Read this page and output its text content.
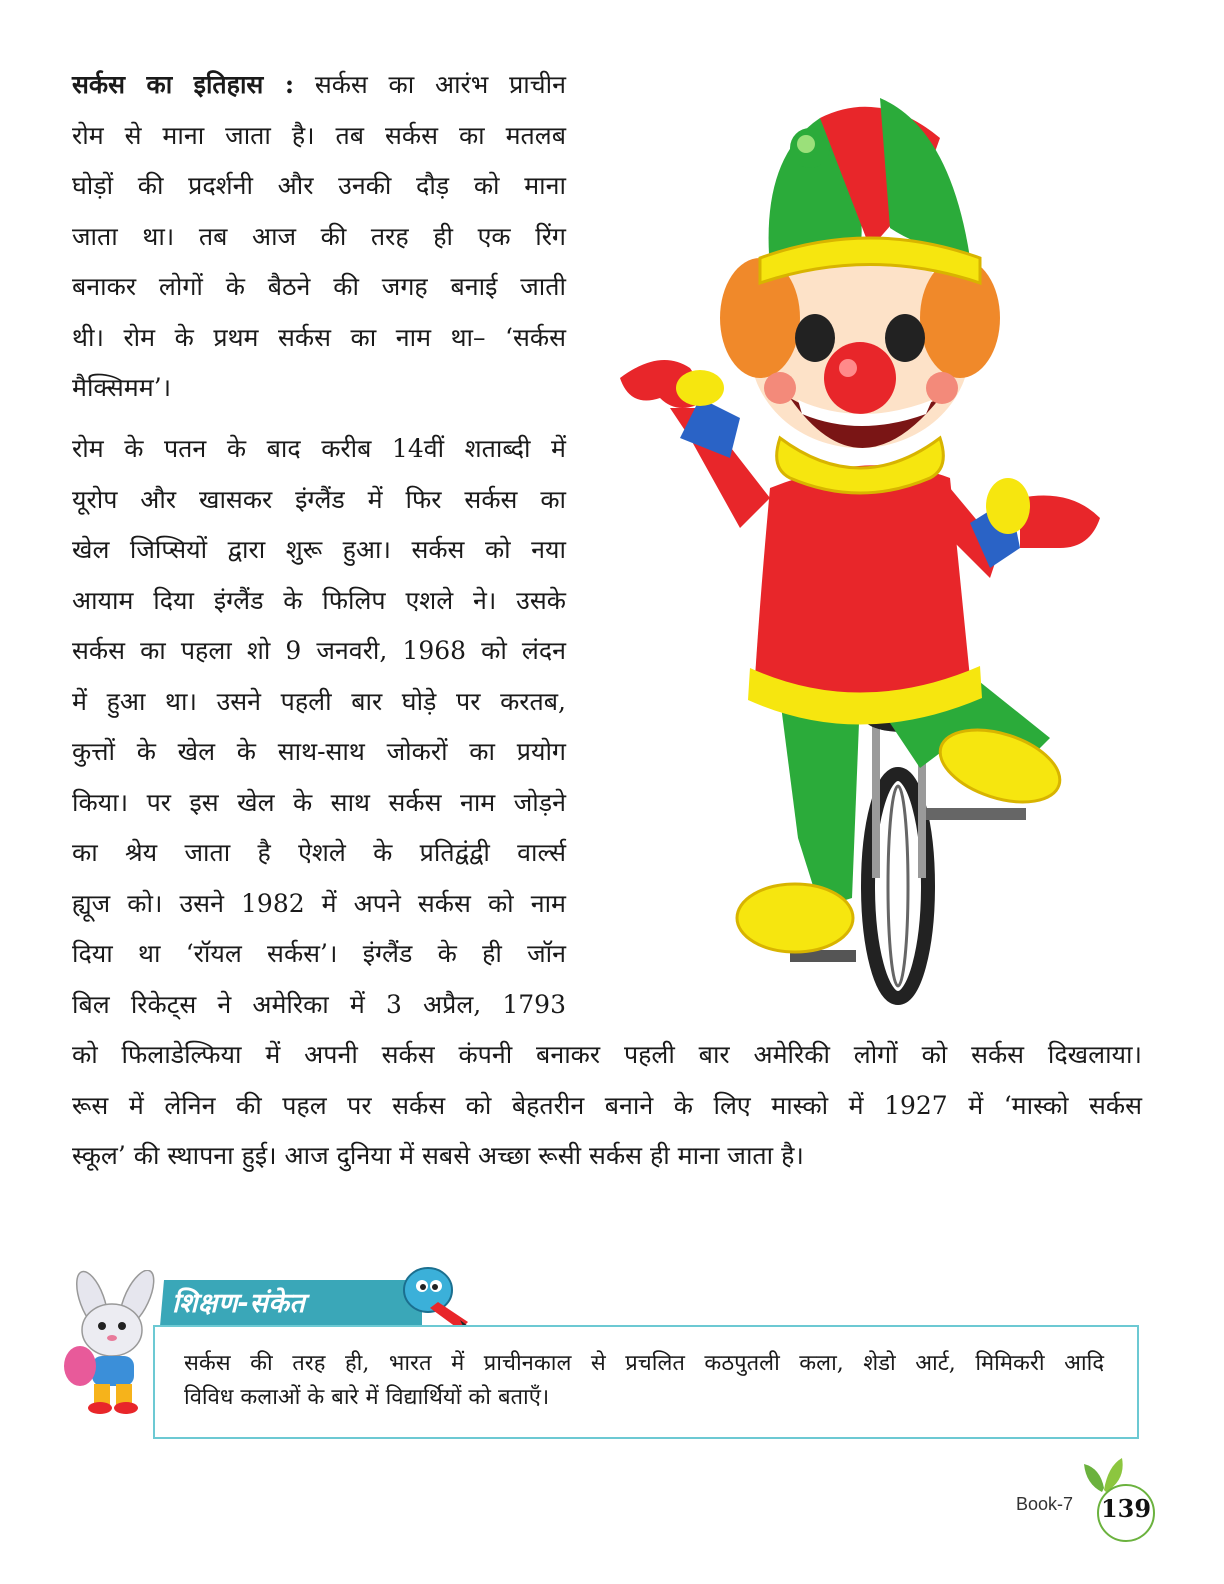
सर्कस का इतिहास : सर्कस का आरंभ प्राचीन
रोम से माना जाता है। तब सर्कस का मतलब
घोड़ों की प्रदर्शनी और उनकी दौड़ को माना
जाता था। तब आज की तरह ही एक रिंग
बनाकर लोगों के बैठने की जगह बनाई जाती
थी। रोम के प्रथम सर्कस का नाम था– ‘सर्कस
मैक्सिमम’।
रोम के पतन के बाद करीब 14वीं शताब्दी में
यूरोप और खासकर इंग्लैंड में फिर सर्कस का
खेल जिप्सियों द्वारा शुरू हुआ। सर्कस को नया
आयाम दिया इंग्लैंड के फिलिप एशले ने। उसके
सर्कस का पहला शो 9 जनवरी, 1968 को लंदन
में हुआ था। उसने पहली बार घोड़े पर करतब,
कुत्तों के खेल के साथ-साथ जोकरों का प्रयोग
किया। पर इस खेल के साथ सर्कस नाम जोड़ने
का श्रेय जाता है ऐशले के प्रतिद्वंद्वी वार्ल्स
ह्यूज को। उसने 1982 में अपने सर्कस को नाम
दिया था ‘रॉयल सर्कस’। इंग्लैंड के ही जॉन
बिल रिकेट्स ने अमेरिका में 3 अप्रैल, 1793
को फिलाडेल्फिया में अपनी सर्कस कंपनी बनाकर पहली बार अमेरिकी लोगों को सर्कस दिखलाया।
रूस में लेनिन की पहल पर सर्कस को बेहतरीन बनाने के लिए मास्को में 1927 में ‘मास्को सर्कस
स्कूल’ की स्थापना हुई। आज दुनिया में सबसे अच्छा रूसी सर्कस ही माना जाता है।
शिक्षण-संकेत
सर्कस की तरह ही, भारत में प्राचीनकाल से प्रचलित कठपुतली कला, शेडो आर्ट, मिमिकरी आदि
विविध कलाओं के बारे में विद्यार्थियों को बताएँ।
Book-7 139
